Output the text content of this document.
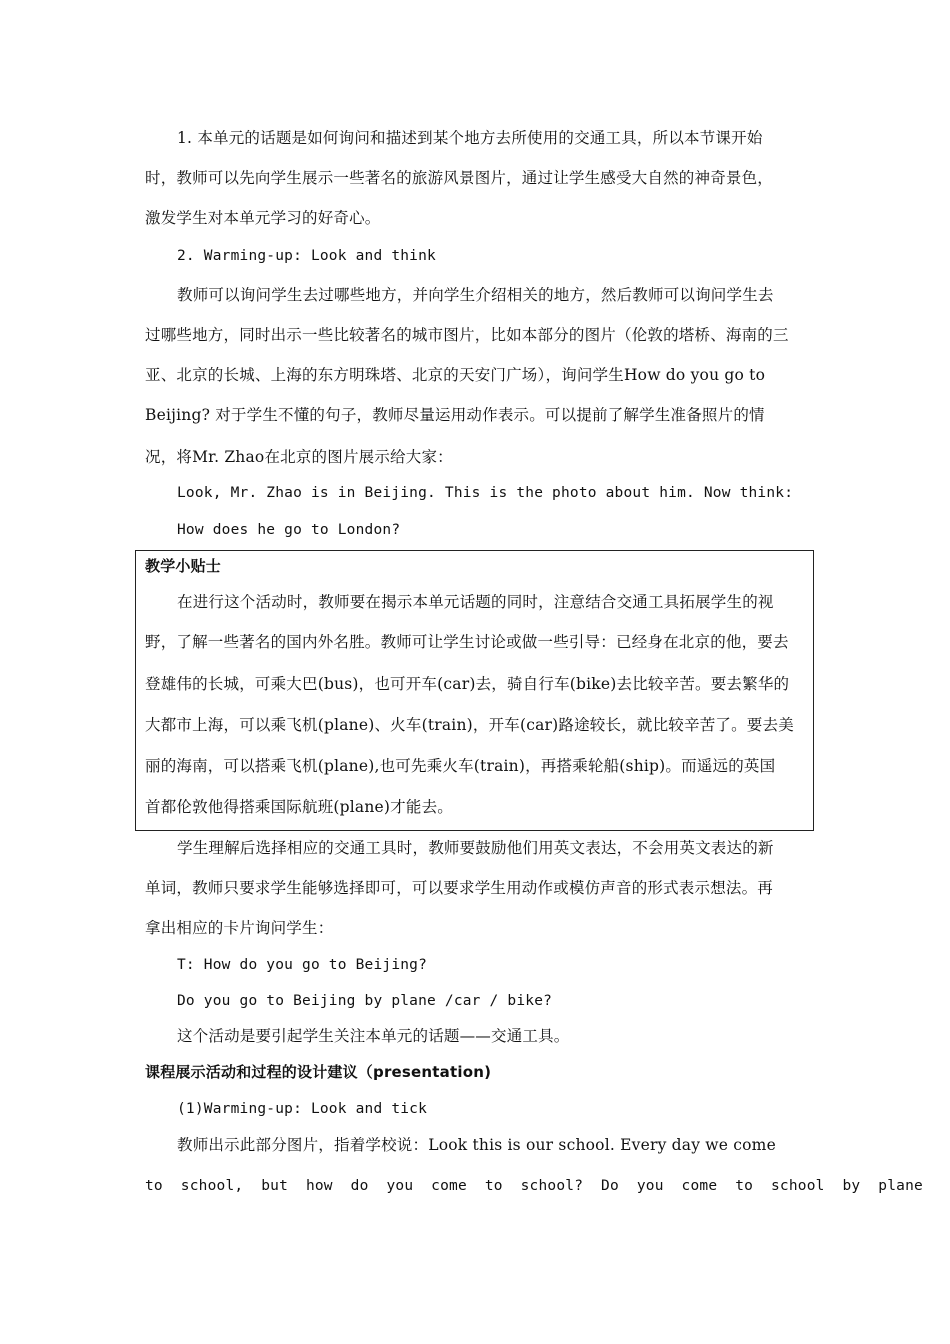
1. 本单元的话题是如何询问和描述到某个地方去所使用的交通工具，所以本节课开始
时，教师可以先向学生展示一些著名的旅游风景图片，通过让学生感受大自然的神奇景色，
激发学生对本单元学习的好奇心。
2. Warming-up: Look and think
教师可以询问学生去过哪些地方，并向学生介绍相关的地方，然后教师可以询问学生去
过哪些地方，同时出示一些比较著名的城市图片，比如本部分的图片（伦敦的塔桥、海南的三
亚、北京的长城、上海的东方明珠塔、北京的天安门广场），询问学生How do you go to
Beijing? 对于学生不懂的句子，教师尽量运用动作表示。可以提前了解学生准备照片的情
况，将Mr. Zhao在北京的图片展示给大家：
Look, Mr. Zhao is in Beijing. This is the photo about him. Now think:
How does he go to London?
教学小贴士
在进行这个活动时，教师要在揭示本单元话题的同时，注意结合交通工具拓展学生的视
野，了解一些著名的国内外名胜。教师可让学生讨论或做一些引导：已经身在北京的他，要去
登雄伟的长城，可乘大巴(bus)，也可开车(car)去，骑自行车(bike)去比较辛苦。要去繁华的
大都市上海，可以乘飞机(plane)、火车(train)，开车(car)路途较长，就比较辛苦了。要去美
丽的海南，可以搭乘飞机(plane),也可先乘火车(train)，再搭乘轮船(ship)。而遥远的英国
首都伦敦他得搭乘国际航班(plane)才能去。
学生理解后选择相应的交通工具时，教师要鼓励他们用英文表达，不会用英文表达的新
单词，教师只要求学生能够选择即可，可以要求学生用动作或模仿声音的形式表示想法。再
拿出相应的卡片询问学生：
T: How do you go to Beijing?
Do you go to Beijing by plane /car / bike?
这个活动是要引起学生关注本单元的话题——交通工具。
课程展示活动和过程的设计建议（presentation)
(1)Warming-up: Look and tick
教师出示此部分图片，指着学校说：Look this is our school. Every day we come
to school, but how do you come to school? Do you come to school by plane
